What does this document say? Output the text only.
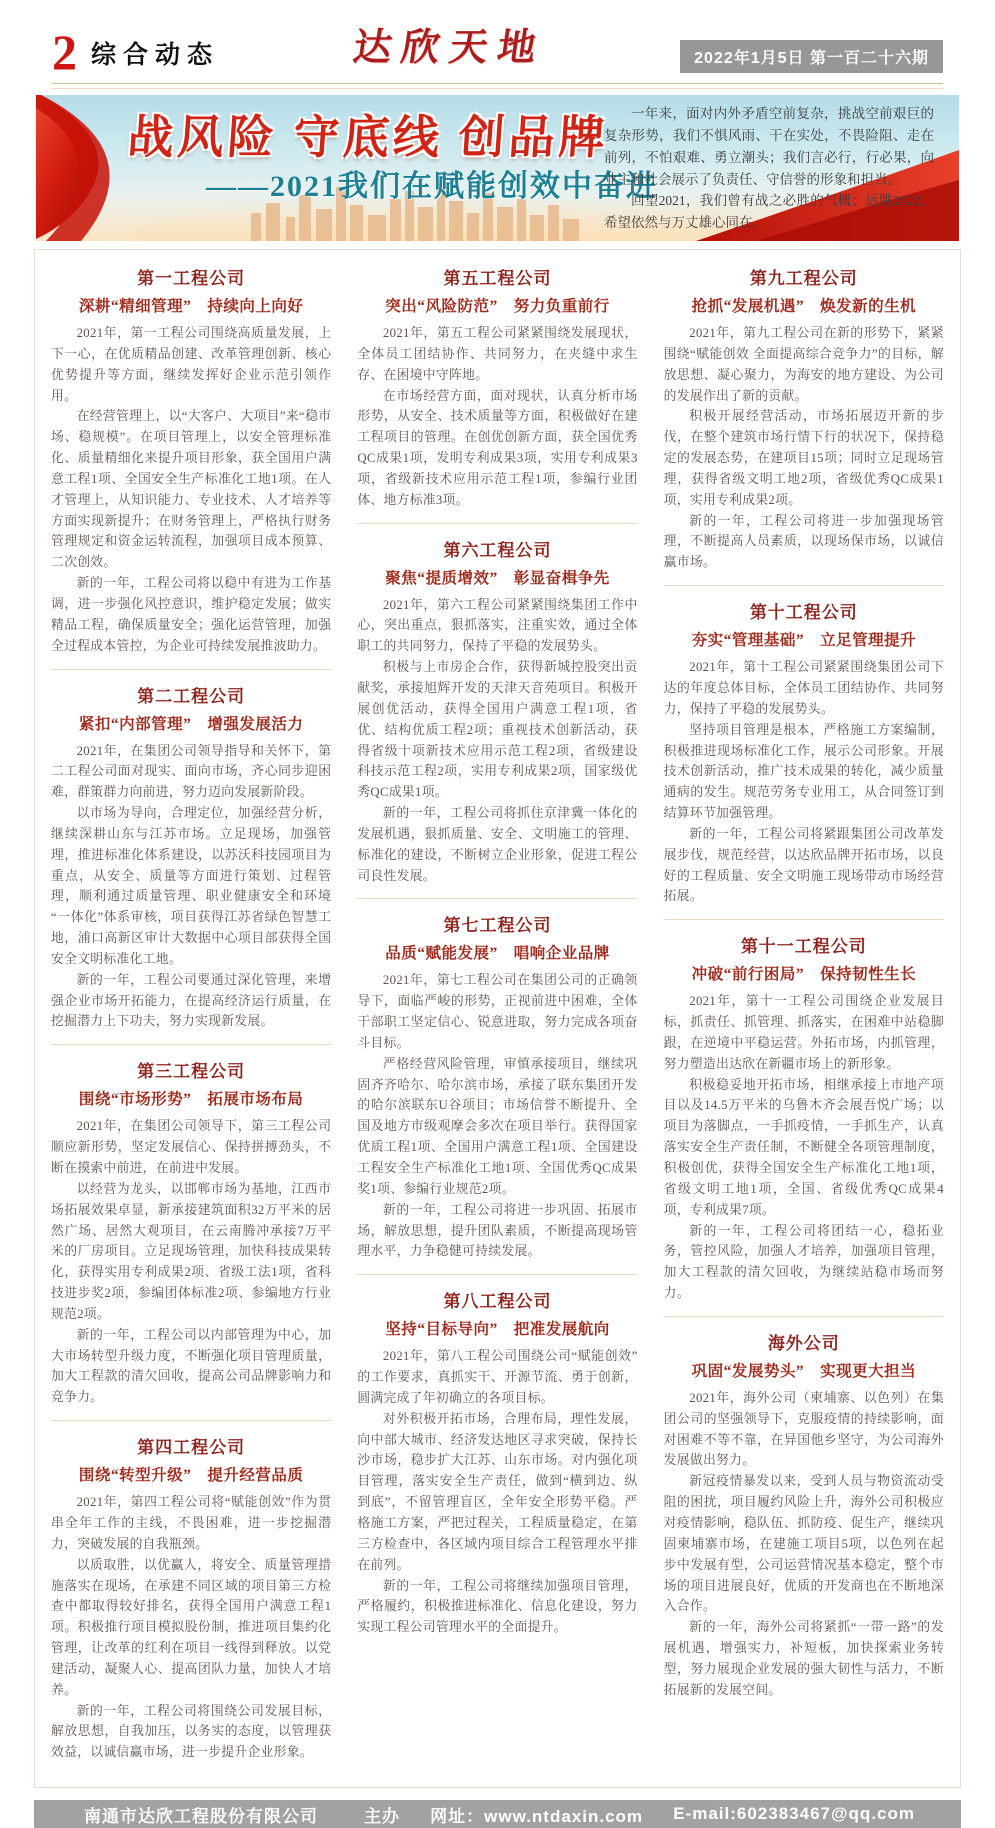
2 综合动态	达欣天地	2022年1月5日 第一百二十六期
战风险 守底线 创品牌
——2021我们在赋能创效中奋进

一年来，面对内外矛盾空前复杂，挑战空前艰巨的复杂形势，我们不惧风雨、干在实处，不畏险阻、走在前列，不怕艰难、勇立潮头；我们言必行，行必果，向业主和社会展示了负责任、守信誉的形象和担当。

回望2021，我们曾有战之必胜的气概；远眺2022，希望依然与万丈雄心同在。

第一工程公司
深耕“精细管理”　持续向上向好

2021年，第一工程公司围绕高质量发展，上下一心，在优质精品创建、改革管理创新、核心优势提升等方面，继续发挥好企业示范引领作用。

在经营管理上，以“大客户、大项目”来“稳市场、稳规模”。在项目管理上，以安全管理标准化、质量精细化来提升项目形象，获全国用户满意工程1项、全国安全生产标准化工地1项。在人才管理上，从知识能力、专业技术、人才培养等方面实现新提升；在财务管理上，严格执行财务管理规定和资金运转流程，加强项目成本预算、二次创效。

新的一年，工程公司将以稳中有进为工作基调，进一步强化风控意识，维护稳定发展；做实精品工程，确保质量安全；强化运营管理，加强全过程成本管控，为企业可持续发展推波助力。

第二工程公司
紧扣“内部管理”　增强发展活力

2021年，在集团公司领导指导和关怀下，第二工程公司面对现实、面向市场，齐心同步迎困难，群策群力向前进，努力迈向发展新阶段。

以市场为导向，合理定位，加强经营分析，继续深耕山东与江苏市场。立足现场，加强管理，推进标准化体系建设，以苏沃科技园项目为重点，从安全、质量等方面进行策划、过程管理，顺利通过质量管理、职业健康安全和环境“一体化”体系审核，项目获得江苏省绿色智慧工地，浦口高新区审计大数据中心项目部获得全国安全文明标准化工地。

新的一年，工程公司要通过深化管理，来增强企业市场开拓能力，在提高经济运行质量，在挖掘潜力上下功夫，努力实现新发展。

第三工程公司
围绕“市场形势”　拓展市场布局

2021年，在集团公司领导下，第三工程公司顺应新形势，坚定发展信心、保持拼搏劲头，不断在摸索中前进，在前进中发展。

以经营为龙头，以邯郸市场为基地，江西市场拓展效果卓显，新承接建筑面积32万平米的居然广场、居然大观项目，在云南腾冲承接7万平米的厂房项目。立足现场管理，加快科技成果转化，获得实用专利成果2项、省级工法1项，省科技进步奖2项，参编团体标准2项、参编地方行业规范2项。

新的一年，工程公司以内部管理为中心，加大市场转型升级力度，不断强化项目管理质量，加大工程款的清欠回收，提高公司品牌影响力和竞争力。

第四工程公司
围绕“转型升级”　提升经营品质

2021年，第四工程公司将“赋能创效”作为贯串全年工作的主线，不畏困难，进一步挖掘潜力，突破发展的自我瓶颈。

以质取胜，以优赢人，将安全、质量管理措施落实在现场，在承建不同区域的项目第三方检查中都取得较好排名，获得全国用户满意工程1项。积极推行项目模拟股份制，推进项目集约化管理，让改革的红利在项目一线得到释放。以党建活动，凝聚人心、提高团队力量，加快人才培养。

新的一年，工程公司将围绕公司发展目标，解放思想，自我加压，以务实的态度，以管理获效益，以诚信赢市场，进一步提升企业形象。

第五工程公司
突出“风险防范”　努力负重前行

2021年，第五工程公司紧紧围绕发展现状，全体员工团结协作、共同努力，在夹缝中求生存、在困境中守阵地。

在市场经营方面，面对现状，认真分析市场形势，从安全、技术质量等方面，积极做好在建工程项目的管理。在创优创新方面，获全国优秀QC成果1项，发明专利成果3项，实用专利成果3项，省级新技术应用示范工程1项，参编行业团体、地方标准3项。

第六工程公司
聚焦“提质增效”　彰显奋楫争先

2021年，第六工程公司紧紧围绕集团工作中心，突出重点，狠抓落实，注重实效，通过全体职工的共同努力，保持了平稳的发展势头。

积极与上市房企合作，获得新城控股突出贡献奖，承接旭辉开发的天津天音苑项目。积极开展创优活动，获得全国用户满意工程1项，省优、结构优质工程2项；重视技术创新活动，获得省级十项新技术应用示范工程2项，省级建设科技示范工程2项，实用专利成果2项，国家级优秀QC成果1项。

新的一年，工程公司将抓住京津冀一体化的发展机遇，狠抓质量、安全、文明施工的管理、标准化的建设，不断树立企业形象，促进工程公司良性发展。

第七工程公司
品质“赋能发展”　唱响企业品牌

2021年，第七工程公司在集团公司的正确领导下，面临严峻的形势，正视前进中困难，全体干部职工坚定信心、锐意进取，努力完成各项奋斗目标。

严格经营风险管理，审慎承接项目，继续巩固齐齐哈尔、哈尔滨市场，承接了联东集团开发的哈尔滨联东U谷项目；市场信誉不断提升、全国及地方市级观摩会多次在项目举行。获得国家优质工程1项、全国用户满意工程1项、全国建设工程安全生产标准化工地1项、全国优秀QC成果奖1项、参编行业规范2项。

新的一年，工程公司将进一步巩固、拓展市场，解放思想，提升团队素质，不断提高现场管理水平，力争稳健可持续发展。

第八工程公司
坚持“目标导向”　把准发展航向

2021年，第八工程公司围绕公司“赋能创效”的工作要求，真抓实干、开源节流、勇于创新，圆满完成了年初确立的各项目标。

对外积极开拓市场，合理布局，理性发展，向中部大城市、经济发达地区寻求突破，保持长沙市场，稳步扩大江苏、山东市场。对内强化项目管理，落实安全生产责任，做到“横到边、纵到底”，不留管理盲区，全年安全形势平稳。严格施工方案，严把过程关，工程质量稳定，在第三方检查中，各区域内项目综合工程管理水平排在前列。

新的一年，工程公司将继续加强项目管理，严格履约，积极推进标准化、信息化建设，努力实现工程公司管理水平的全面提升。

第九工程公司
抢抓“发展机遇”　焕发新的生机

2021年，第九工程公司在新的形势下，紧紧围绕“赋能创效 全面提高综合竞争力”的目标，解放思想、凝心聚力，为海安的地方建设、为公司的发展作出了新的贡献。

积极开展经营活动，市场拓展迈开新的步伐，在整个建筑市场行情下行的状况下，保持稳定的发展态势，在建项目15项；同时立足现场管理，获得省级文明工地2项，省级优秀QC成果1项，实用专利成果2项。

新的一年，工程公司将进一步加强现场管理，不断提高人员素质，以现场保市场，以诚信赢市场。

第十工程公司
夯实“管理基础”　立足管理提升

2021年，第十工程公司紧紧围绕集团公司下达的年度总体目标，全体员工团结协作、共同努力，保持了平稳的发展势头。

坚持项目管理是根本，严格施工方案编制，积极推进现场标准化工作，展示公司形象。开展技术创新活动，推广技术成果的转化，减少质量通病的发生。规范劳务专业用工，从合同签订到结算环节加强管理。

新的一年，工程公司将紧跟集团公司改革发展步伐，规范经营，以达欣品牌开拓市场，以良好的工程质量、安全文明施工现场带动市场经营拓展。

第十一工程公司
冲破“前行困局”　保持韧性生长

2021年，第十一工程公司围绕企业发展目标，抓责任、抓管理、抓落实，在困难中站稳脚跟，在逆境中平稳运营。外拓市场，内抓管理，努力塑造出达欣在新疆市场上的新形象。

积极稳妥地开拓市场，相继承接上市地产项目以及14.5万平米的乌鲁木齐会展吾悦广场；以项目为落脚点，一手抓疫情，一手抓生产，认真落实安全生产责任制，不断健全各项管理制度，积极创优，获得全国安全生产标准化工地1项，省级文明工地1项，全国、省级优秀QC成果4项，专利成果7项。

新的一年，工程公司将团结一心，稳拓业务，管控风险，加强人才培养，加强项目管理，加大工程款的清欠回收，为继续站稳市场而努力。

海外公司
巩固“发展势头”　实现更大担当

2021年，海外公司（柬埔寨、以色列）在集团公司的坚强领导下，克服疫情的持续影响，面对困难不等不靠，在异国他乡坚守，为公司海外发展做出努力。

新冠疫情暴发以来，受到人员与物资流动受阻的困扰，项目履约风险上升，海外公司积极应对疫情影响，稳队伍、抓防疫、促生产，继续巩固柬埔寨市场，在建施工项目5项，以色列在起步中发展有型，公司运营情况基本稳定，整个市场的项目进展良好，优质的开发商也在不断地深入合作。

新的一年，海外公司将紧抓“一带一路”的发展机遇，增强实力，补短板，加快探索业务转型，努力展现企业发展的强大韧性与活力，不断拓展新的发展空间。

南通市达欣工程股份有限公司	主办 网址：www.ntdaxin.com E-mail:602383467@qq.com
